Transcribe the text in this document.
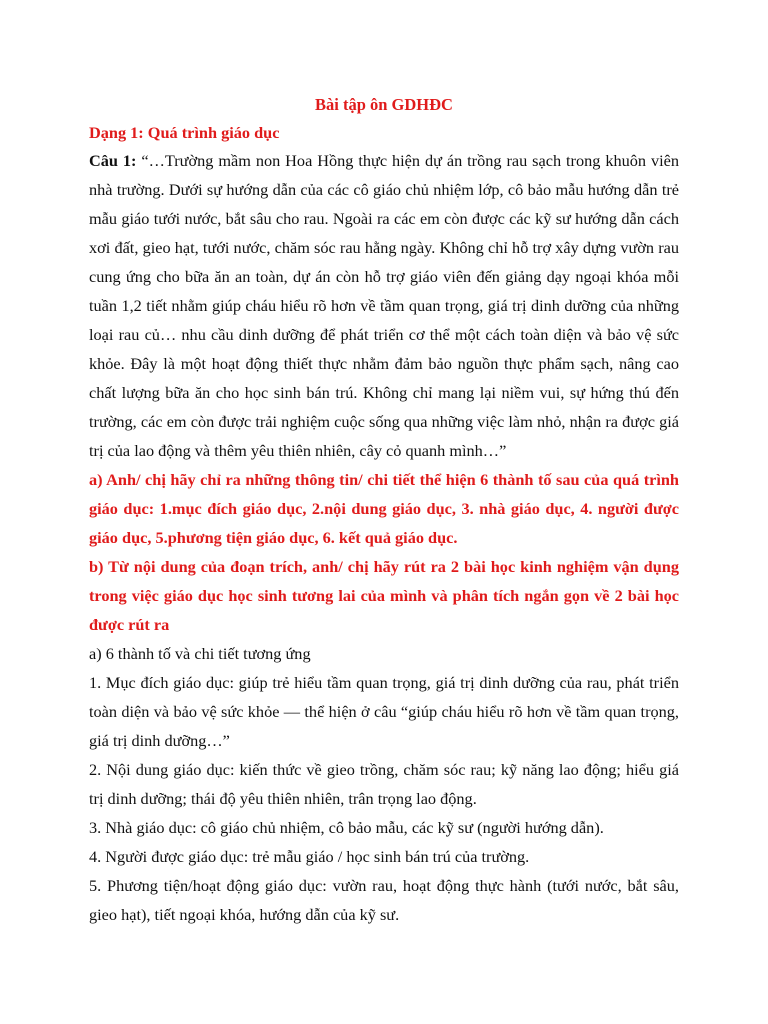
Bài tập ôn GDHĐC

Dạng 1: Quá trình giáo dục

Câu 1: “…Trường mầm non Hoa Hồng thực hiện dự án trồng rau sạch trong khuôn viên nhà trường. Dưới sự hướng dẫn của các cô giáo chủ nhiệm lớp, cô bảo mẫu hướng dẫn trẻ mẫu giáo tưới nước, bắt sâu cho rau. Ngoài ra các em còn được các kỹ sư hướng dẫn cách xơi đất, gieo hạt, tưới nước, chăm sóc rau hằng ngày. Không chỉ hỗ trợ xây dựng vườn rau cung ứng cho bữa ăn an toàn, dự án còn hỗ trợ giáo viên đến giảng dạy ngoại khóa mỗi tuần 1,2 tiết nhằm giúp cháu hiểu rõ hơn về tầm quan trọng, giá trị dinh dưỡng của những loại rau củ… nhu cầu dinh dưỡng để phát triển cơ thể một cách toàn diện và bảo vệ sức khỏe. Đây là một hoạt động thiết thực nhằm đảm bảo nguồn thực phẩm sạch, nâng cao chất lượng bữa ăn cho học sinh bán trú. Không chỉ mang lại niềm vui, sự hứng thú đến trường, các em còn được trải nghiệm cuộc sống qua những việc làm nhỏ, nhận ra được giá trị của lao động và thêm yêu thiên nhiên, cây cỏ quanh mình…”

a) Anh/ chị hãy chỉ ra những thông tin/ chi tiết thể hiện 6 thành tố sau của quá trình giáo dục: 1.mục đích giáo dục, 2.nội dung giáo dục, 3. nhà giáo dục, 4. người được giáo dục, 5.phương tiện giáo dục, 6. kết quả giáo dục.

b) Từ nội dung của đoạn trích, anh/ chị hãy rút ra 2 bài học kinh nghiệm vận dụng trong việc giáo dục học sinh tương lai của mình và phân tích ngắn gọn về 2 bài học được rút ra

a) 6 thành tố và chi tiết tương ứng

1. Mục đích giáo dục: giúp trẻ hiểu tầm quan trọng, giá trị dinh dưỡng của rau, phát triển toàn diện và bảo vệ sức khỏe — thể hiện ở câu “giúp cháu hiểu rõ hơn về tầm quan trọng, giá trị dinh dưỡng…”

2. Nội dung giáo dục: kiến thức về gieo trồng, chăm sóc rau; kỹ năng lao động; hiểu giá trị dinh dưỡng; thái độ yêu thiên nhiên, trân trọng lao động.

3. Nhà giáo dục: cô giáo chủ nhiệm, cô bảo mẫu, các kỹ sư (người hướng dẫn).

4. Người được giáo dục: trẻ mẫu giáo / học sinh bán trú của trường.

5. Phương tiện/hoạt động giáo dục: vườn rau, hoạt động thực hành (tưới nước, bắt sâu, gieo hạt), tiết ngoại khóa, hướng dẫn của kỹ sư.
